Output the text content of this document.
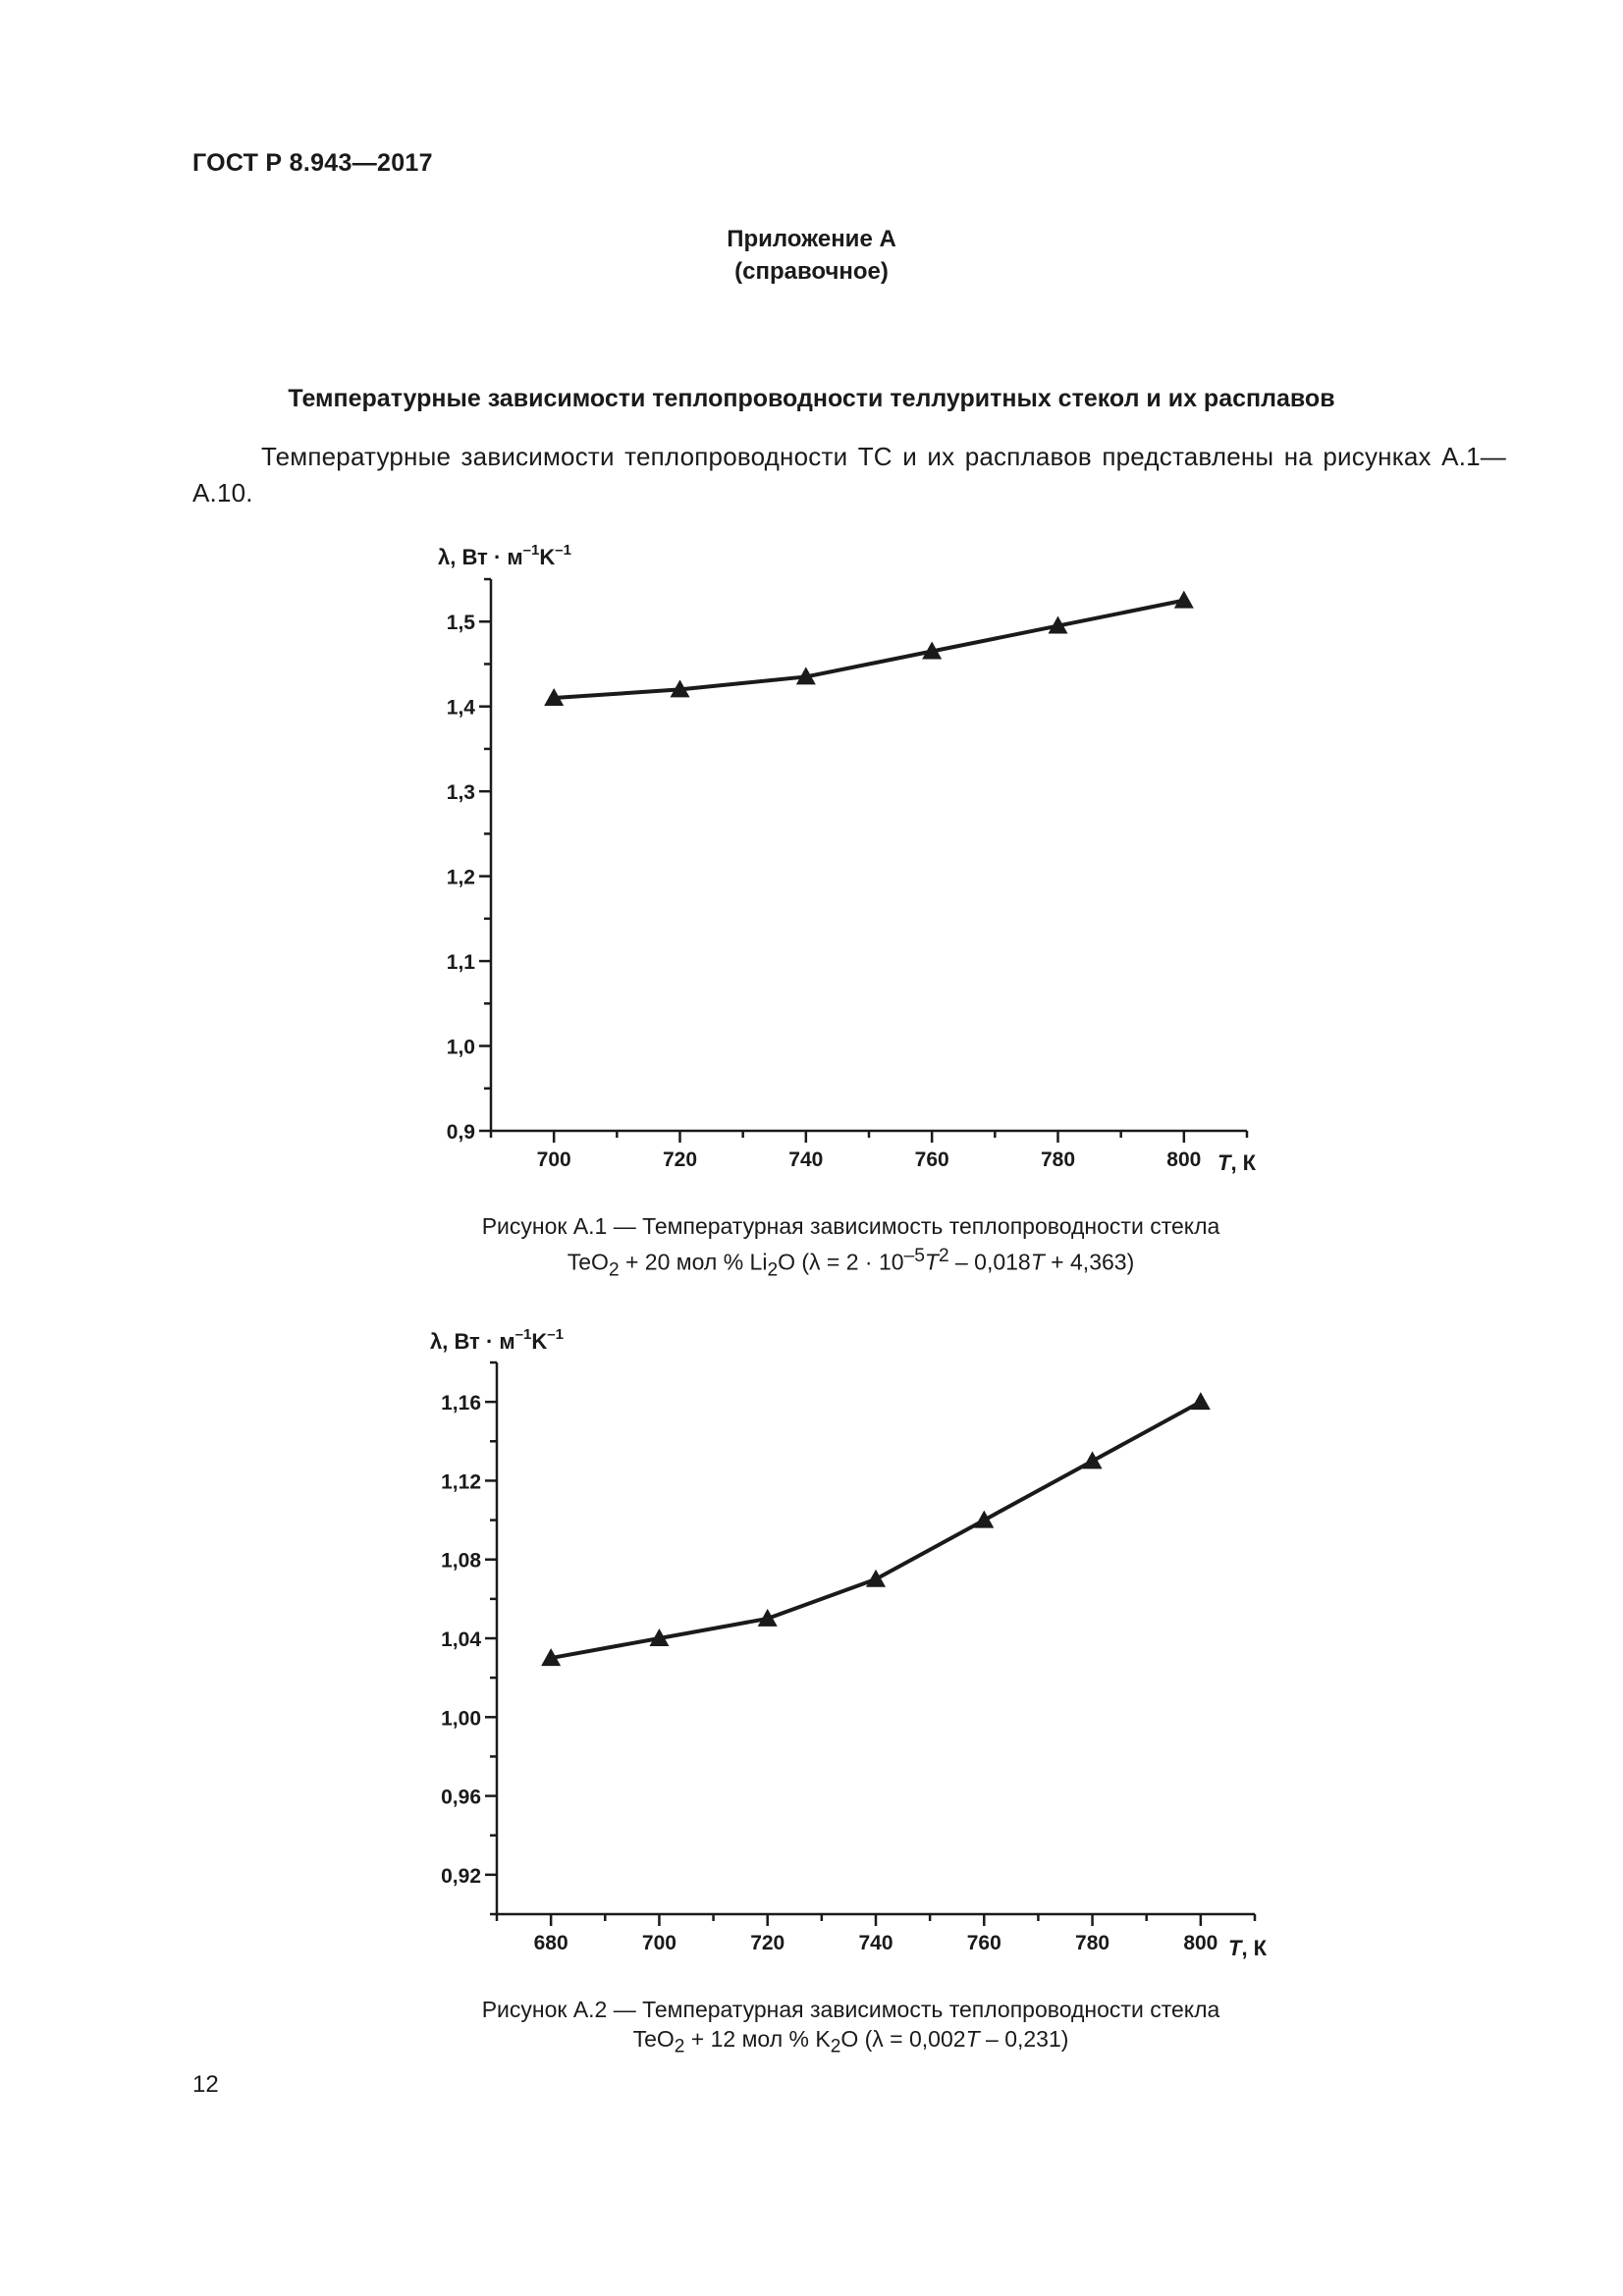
ГОСТ Р 8.943—2017
Приложение А
(справочное)
Температурные зависимости теплопроводности теллуритных стекол и их расплавов
Температурные зависимости теплопроводности ТС и их расплавов представлены на рисунках А.1—А.10.
λ, Вт · $м^{-1}K^{-1}$
T, К
0,9
1,0
1,1
1,2
1,3
1,4
1,5
700	720	740	760	780	800
Рисунок А.1 — Температурная зависимость теплопроводности стекла
TeO$_2$ + 20 мол % $Li_2O$ $(\lambda = 2 \cdot 10^{-5}T^2 - 0,018T + 4,363)$
λ, Вт · $м^{-1}K^{-1}$
T, К
0,92
0,96
1,00
1,04
1,08
1,12
1,16
680	700	720	740	760	780	800
Рисунок А.2 — Температурная зависимость теплопроводности стекла
TeO$_2$ + 12 мол % $K_2O$ (λ = 0,002T – 0,231)
12
